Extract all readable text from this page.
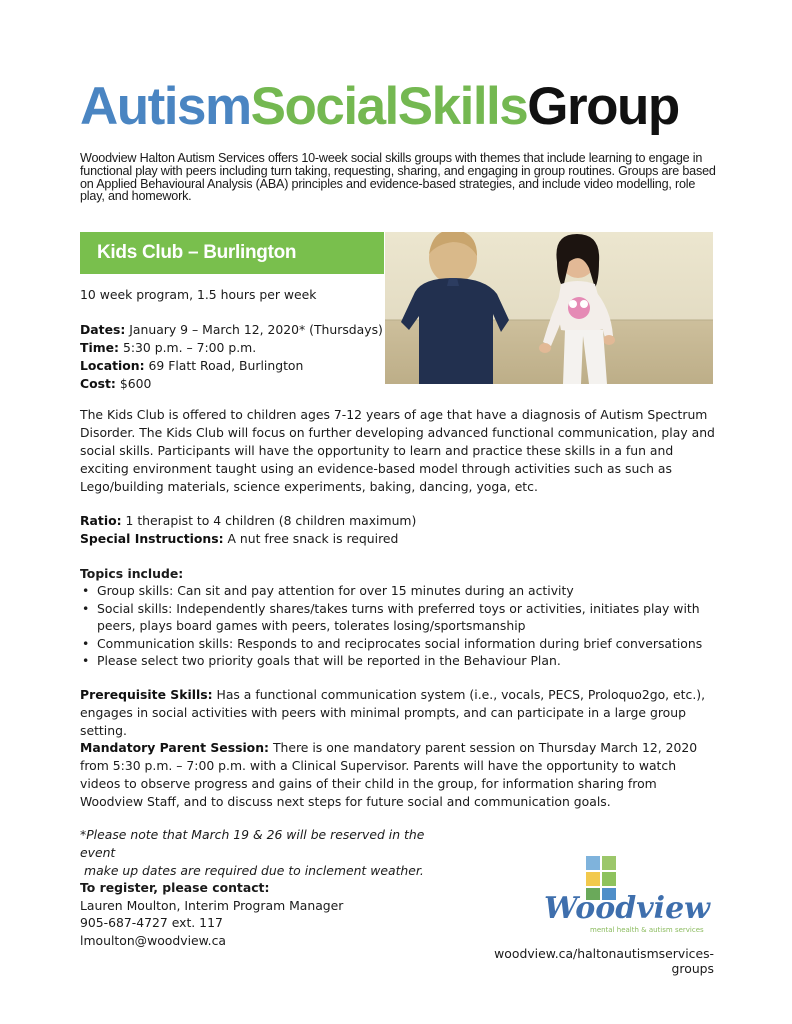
AutismSocialSkillsGroup

Woodview Halton Autism Services offers 10-week social skills groups with themes that include learning to engage in functional play with peers including turn taking, requesting, sharing, and engaging in group routines. Groups are based on Applied Behavioural Analysis (ABA) principles and evidence-based strategies, and include video modelling, role play, and homework.

Kids Club – Burlington

10 week program, 1.5 hours per week

Dates: January 9 – March 12, 2020* (Thursdays)
Time: 5:30 p.m. – 7:00 p.m.
Location: 69 Flatt Road, Burlington
Cost: $600

The Kids Club is offered to children ages 7-12 years of age that have a diagnosis of Autism Spectrum Disorder. The Kids Club will focus on further developing advanced functional communication, play and social skills. Participants will have the opportunity to learn and practice these skills in a fun and exciting environment taught using an evidence-based model through activities such as such as Lego/building materials, science experiments, baking, dancing, yoga, etc.

Ratio: 1 therapist to 4 children (8 children maximum)
Special Instructions: A nut free snack is required

Topics include:

• Group skills: Can sit and pay attention for over 15 minutes during an activity
• Social skills: Independently shares/takes turns with preferred toys or activities, initiates play with peers, plays board games with peers, tolerates losing/sportsmanship
• Communication skills: Responds to and reciprocates social information during brief conversations
• Please select two priority goals that will be reported in the Behaviour Plan.

Prerequisite Skills: Has a functional communication system (i.e., vocals, PECS, Proloquo2go, etc.), engages in social activities with peers with minimal prompts, and can participate in a large group setting.

Mandatory Parent Session: There is one mandatory parent session on Thursday March 12, 2020 from 5:30 p.m. – 7:00 p.m. with a Clinical Supervisor. Parents will have the opportunity to watch videos to observe progress and gains of their child in the group, for information sharing from Woodview Staff, and to discuss next steps for future social and communication goals.

*Please note that March 19 & 26 will be reserved in the event
make up dates are required due to inclement weather.
To register, please contact:
Lauren Moulton, Interim Program Manager
905-687-4727 ext. 117
lmoulton@woodview.ca
Woodview
mental health & autism services
woodview.ca/haltonautismservices-groups
